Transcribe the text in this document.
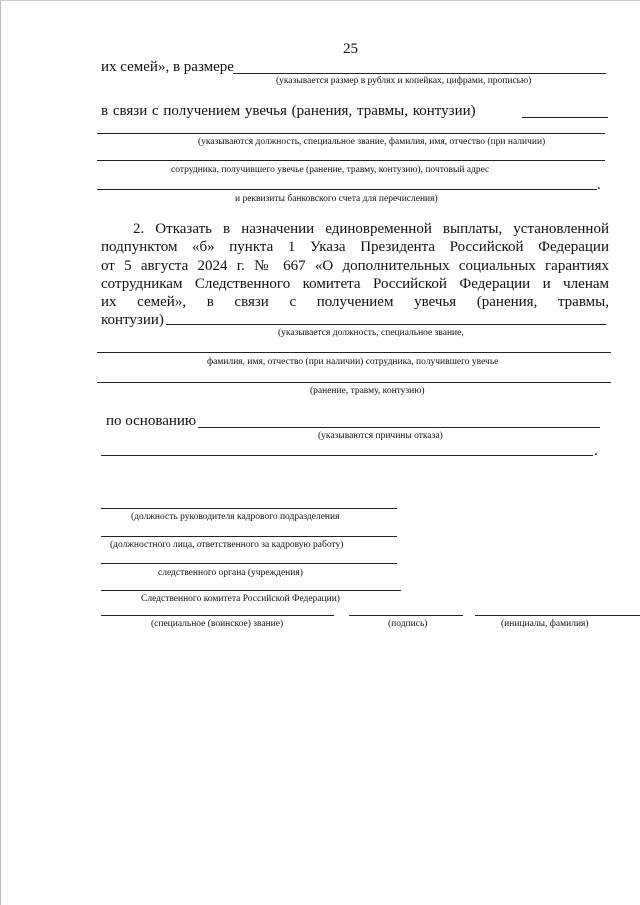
25
их семей», в размере
(указывается размер в рублях и копейках, цифрами, прописью)
в связи с получением увечья (ранения, травмы, контузии)
(указываются должность, специальное звание, фамилия, имя, отчество (при наличии)
сотрудника, получившего увечье (ранение, травму, контузию), почтовый адрес
.
и реквизиты банковского счета для перечисления)
2. Отказать в назначении единовременной выплаты, установленной
подпунктом «б» пункта 1 Указа Президента Российской Федерации
от 5 августа 2024 г. № 667 «О дополнительных социальных гарантиях
сотрудникам Следственного комитета Российской Федерации и членам
их семей», в связи с получением увечья (ранения, травмы,
контузии)
(указывается должность, специальное звание,
фамилия, имя, отчество (при наличии) сотрудника, получившего увечье
(ранение, травму, контузию)
по основанию
(указываются причины отказа)
.
(должность руководителя кадрового подразделения
(должностного лица, ответственного за кадровую работу)
следственного органа (учреждения)
Следственного комитета Российской Федерации)
(специальное (воинское) звание)	(подпись)	(инициалы, фамилия)
